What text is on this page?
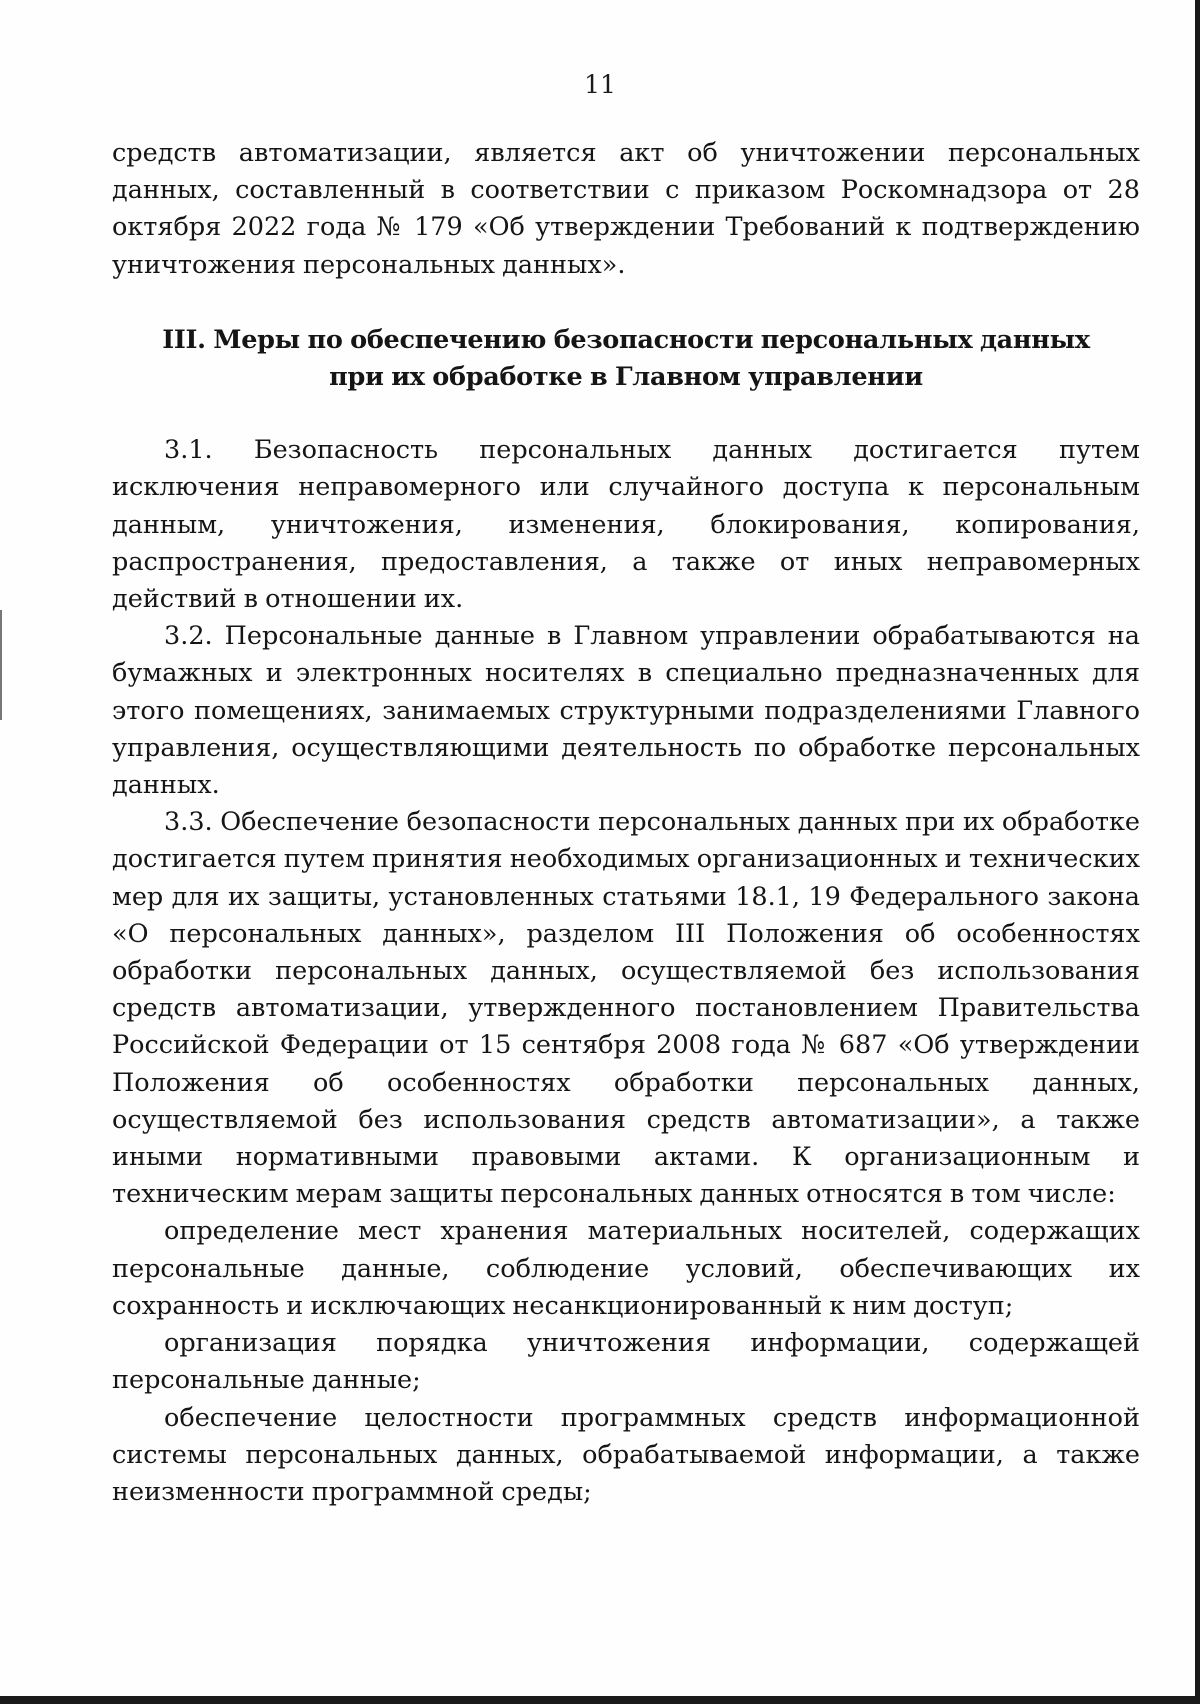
11

средств автоматизации, является акт об уничтожении персональных данных, составленный в соответствии с приказом Роскомнадзора от 28 октября 2022 года № 179 «Об утверждении Требований к подтверждению уничтожения персональных данных».

III. Меры по обеспечению безопасности персональных данных
при их обработке в Главном управлении

3.1. Безопасность персональных данных достигается путем исключения неправомерного или случайного доступа к персональным данным, уничтожения, изменения, блокирования, копирования, распространения, предоставления, а также от иных неправомерных действий в отношении их.

3.2. Персональные данные в Главном управлении обрабатываются на бумажных и электронных носителях в специально предназначенных для этого помещениях, занимаемых структурными подразделениями Главного управления, осуществляющими деятельность по обработке персональных данных.

3.3. Обеспечение безопасности персональных данных при их обработке достигается путем принятия необходимых организационных и технических мер для их защиты, установленных статьями 18.1, 19 Федерального закона «О персональных данных», разделом III Положения об особенностях обработки персональных данных, осуществляемой без использования средств автоматизации, утвержденного постановлением Правительства Российской Федерации от 15 сентября 2008 года № 687 «Об утверждении Положения об особенностях обработки персональных данных, осуществляемой без использования средств автоматизации», а также иными нормативными правовыми актами. К организационным и техническим мерам защиты персональных данных относятся в том числе:

определение мест хранения материальных носителей, содержащих персональные данные, соблюдение условий, обеспечивающих их сохранность и исключающих несанкционированный к ним доступ;

организация порядка уничтожения информации, содержащей персональные данные;

обеспечение целостности программных средств информационной системы персональных данных, обрабатываемой информации, а также неизменности программной среды;
